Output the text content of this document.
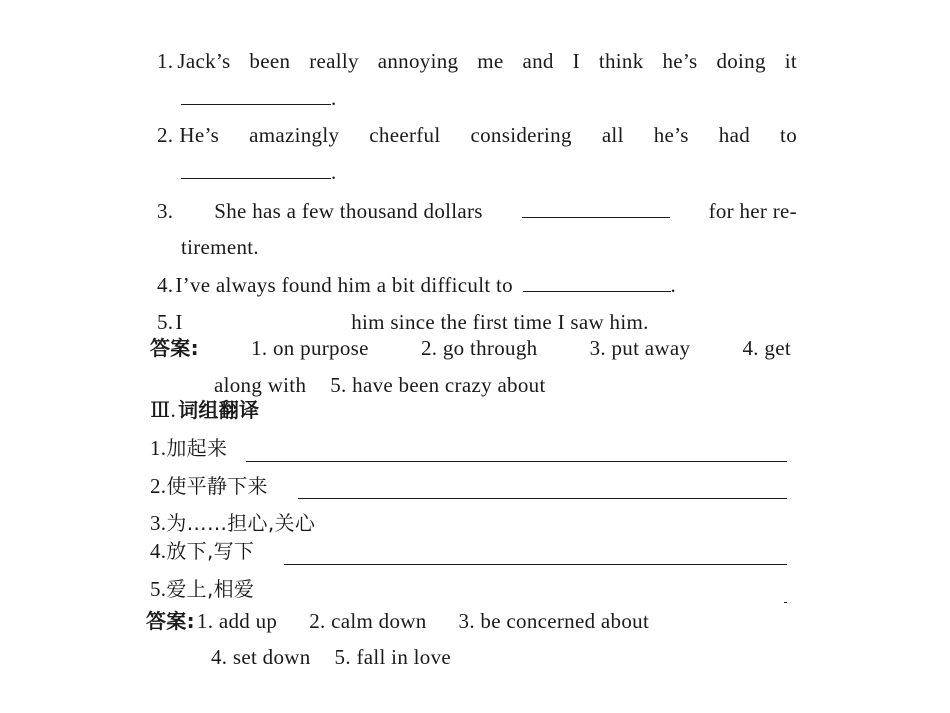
1. Jack’s been really annoying me and I think he’s doing it
.
2. He’s amazingly cheerful considering all he’s had to
.
3. She has a few thousand dollars	for her re-
tirement.
4.I’ve always found him a bit difficult to	.
5.I	him since the first time I saw him.
答案: 1. on purpose 2. go through 3. put away 4. get
along with 5. have been crazy about
Ⅲ. 词组翻译
1.加起来
2.使平静下来
3.为……担心,关心
4.放下,写下
5.爱上,相爱
答案:1. add up 2. calm down 3. be concerned about
4. set down 5. fall in love
